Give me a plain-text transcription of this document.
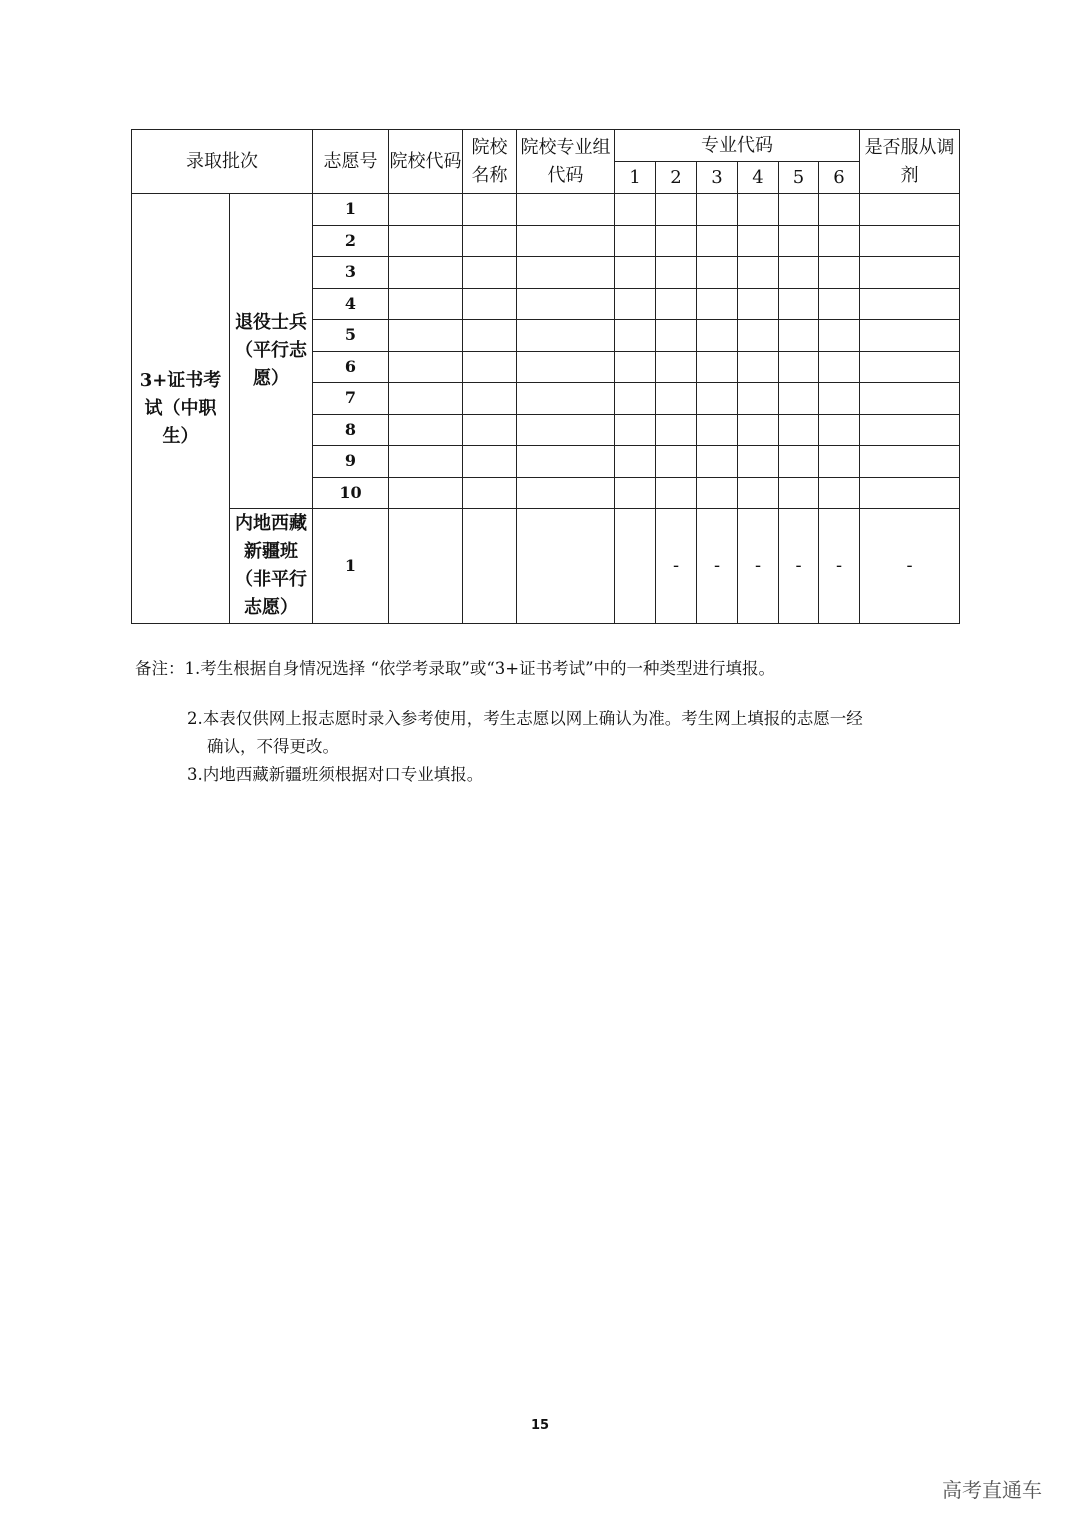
录取批次		志愿号	院校代码	院校名称	院校专业组代码	专业代码						是否服从调剂
						1	2	3	4	5	6	
3+证书考试（中职生）	退役士兵（平行志愿）	1										
		2										
		3										
		4										
		5										
		6										
		7										
		8										
		9										
		10										
	内地西藏新疆班（非平行志愿）	1					-	-	-	-	-	-
备注：1.考生根据自身情况选择 “依学考录取”或“3+证书考试”中的一种类型进行填报。
2.本表仅供网上报志愿时录入参考使用，考生志愿以网上确认为准。考生网上填报的志愿一经
确认，不得更改。
3.内地西藏新疆班须根据对口专业填报。
15
高考直通车
